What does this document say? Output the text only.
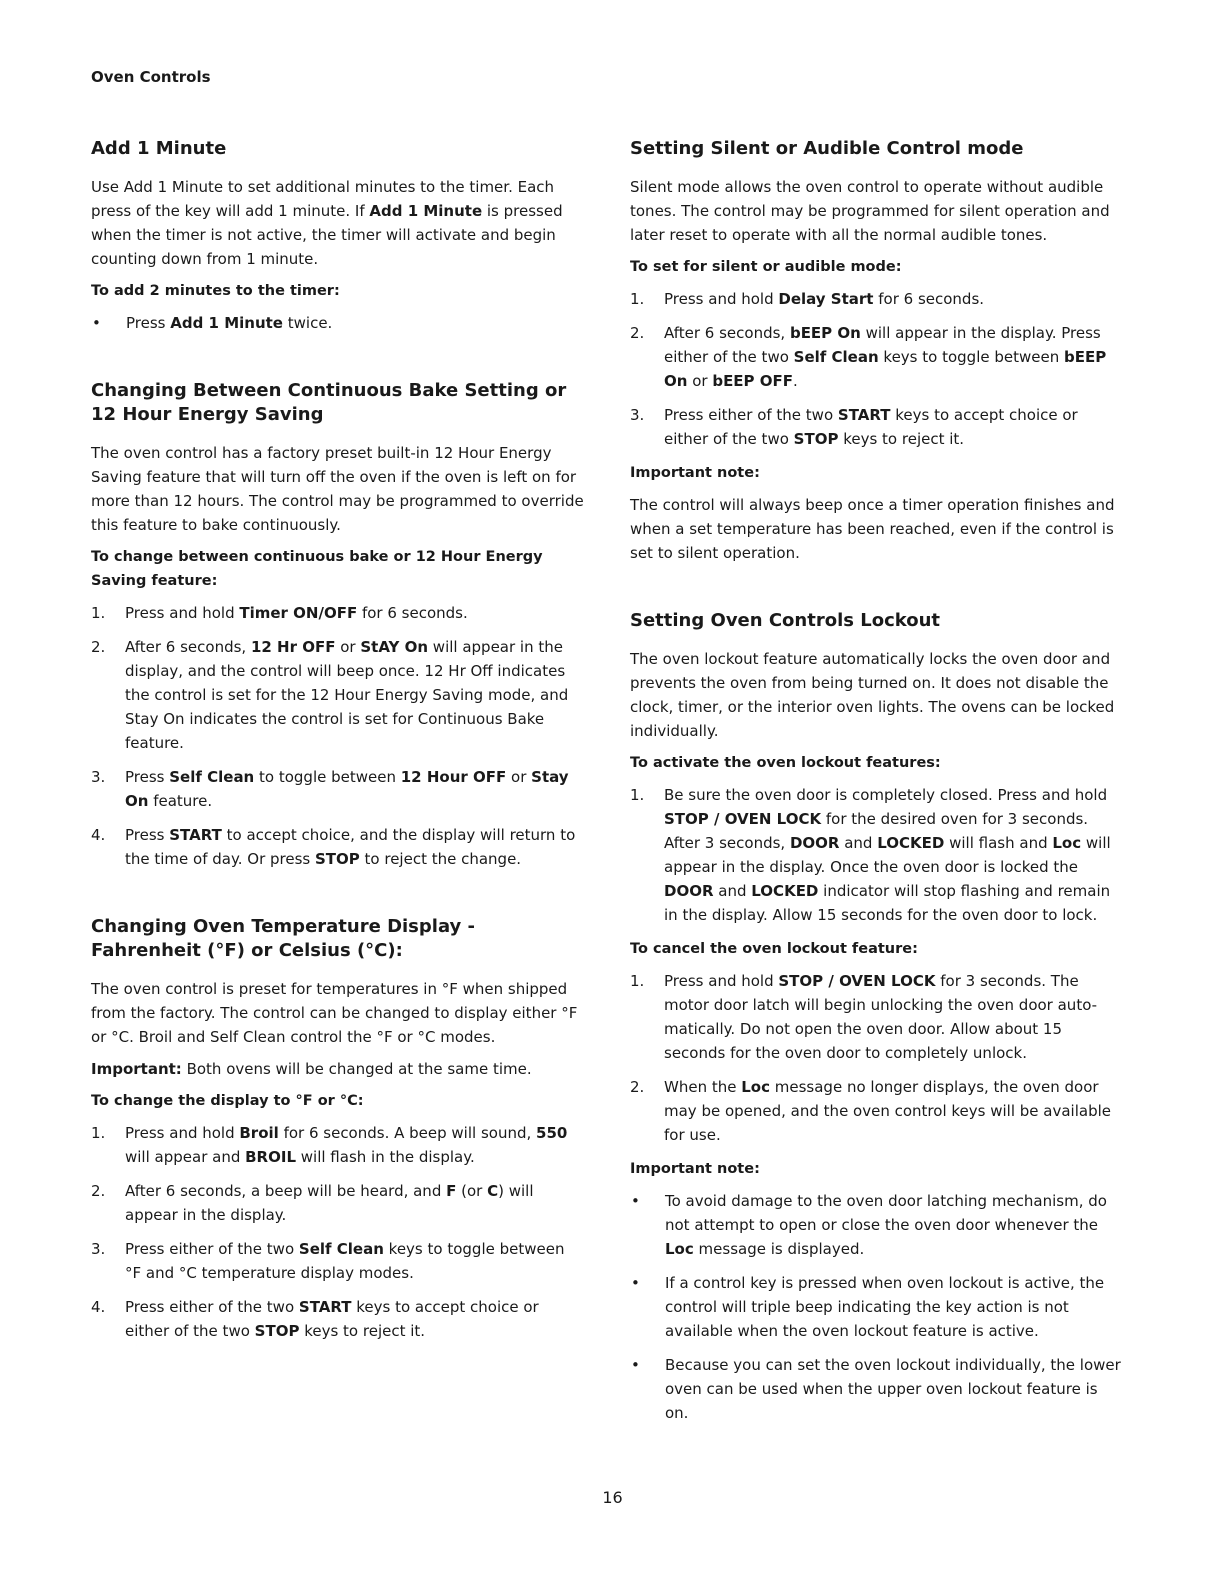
Oven Controls
Add 1 Minute

Use Add 1 Minute to set additional minutes to the timer. Each press of the key will add 1 minute. If Add 1 Minute is pressed when the timer is not active, the timer will activate and begin counting down from 1 minute.

To add 2 minutes to the timer:
•	Press Add 1 Minute twice.
Changing Between Continuous Bake Setting or 12 Hour Energy Saving

The oven control has a factory preset built-in 12 Hour Energy Saving feature that will turn off the oven if the oven is left on for more than 12 hours. The control may be programmed to override this feature to bake continuously.

To change between continuous bake or 12 Hour Energy Saving feature:
1.	Press and hold Timer ON/OFF for 6 seconds.
2.	After 6 seconds, 12 Hr OFF or StAY On will appear in the display, and the control will beep once. 12 Hr Off indicates the control is set for the 12 Hour Energy Saving mode, and Stay On indicates the control is set for Continuous Bake feature.
3.	Press Self Clean to toggle between 12 Hour OFF or Stay On feature.
4.	Press START to accept choice, and the display will return to the time of day. Or press STOP to reject the change.
Changing Oven Temperature Display - Fahrenheit (°F) or Celsius (°C):

The oven control is preset for temperatures in °F when shipped from the factory. The control can be changed to display either °F or °C. Broil and Self Clean control the °F or °C modes.

Important: Both ovens will be changed at the same time.

To change the display to °F or °C:
1.	Press and hold Broil for 6 seconds. A beep will sound, 550 will appear and BROIL will flash in the display.
2.	After 6 seconds, a beep will be heard, and F (or C) will appear in the display.
3.	Press either of the two Self Clean keys to toggle between °F and °C temperature display modes.
4.	Press either of the two START keys to accept choice or either of the two STOP keys to reject it.
Setting Silent or Audible Control mode

Silent mode allows the oven control to operate without audible tones. The control may be programmed for silent operation and later reset to operate with all the normal audible tones.

To set for silent or audible mode:
1.	Press and hold Delay Start for 6 seconds.
2.	After 6 seconds, bEEP On will appear in the display. Press either of the two Self Clean keys to toggle between bEEP On or bEEP OFF.
3.	Press either of the two START keys to accept choice or either of the two STOP keys to reject it.
Important note:

The control will always beep once a timer operation finishes and when a set temperature has been reached, even if the control is set to silent operation.

Setting Oven Controls Lockout

The oven lockout feature automatically locks the oven door and prevents the oven from being turned on. It does not disable the clock, timer, or the interior oven lights. The ovens can be locked individually.

To activate the oven lockout features:
1.	Be sure the oven door is completely closed. Press and hold STOP / OVEN LOCK for the desired oven for 3 seconds. After 3 seconds, DOOR and LOCKED will flash and Loc will appear in the display. Once the oven door is locked the DOOR and LOCKED indicator will stop flashing and remain in the display. Allow 15 seconds for the oven door to lock.
To cancel the oven lockout feature:
1.	Press and hold STOP / OVEN LOCK for 3 seconds. The motor door latch will begin unlocking the oven door auto-matically. Do not open the oven door. Allow about 15 seconds for the oven door to completely unlock.
2.	When the Loc message no longer displays, the oven door may be opened, and the oven control keys will be available for use.
Important note:
•	To avoid damage to the oven door latching mechanism, do not attempt to open or close the oven door whenever the Loc message is displayed.
•	If a control key is pressed when oven lockout is active, the control will triple beep indicating the key action is not available when the oven lockout feature is active.
•	Because you can set the oven lockout individually, the lower oven can be used when the upper oven lockout feature is on.
16
